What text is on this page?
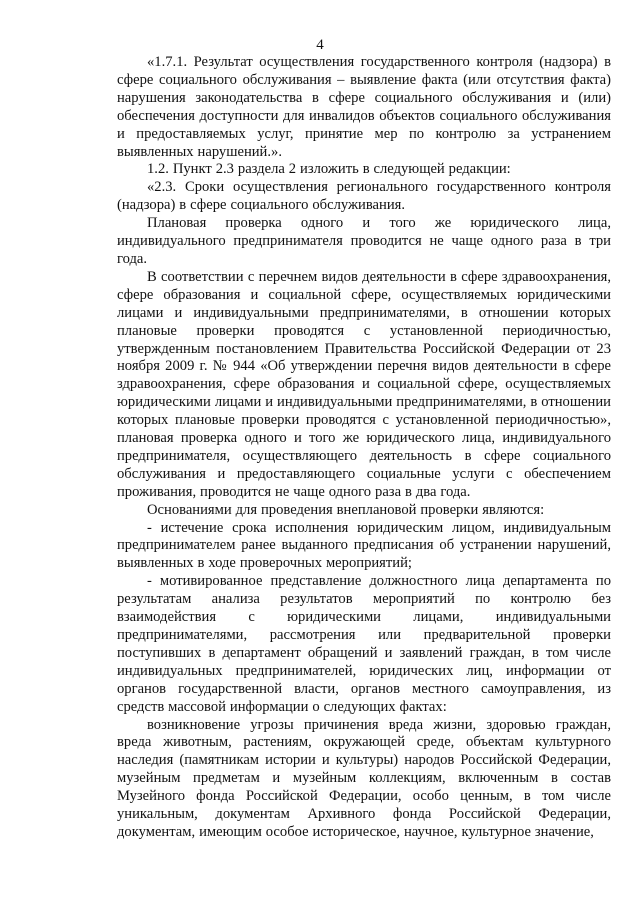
4

«1.7.1. Результат осуществления государственного контроля (надзора) в сфере социального обслуживания – выявление факта (или отсутствия факта) нарушения законодательства в сфере социального обслуживания и (или) обеспечения доступности для инвалидов объектов социального обслуживания и предоставляемых услуг, принятие мер по контролю за устранением выявленных нарушений.».

1.2. Пункт 2.3 раздела 2 изложить в следующей редакции:

«2.3. Сроки осуществления регионального государственного контроля (надзора) в сфере социального обслуживания.

Плановая проверка одного и того же юридического лица, индивидуального предпринимателя проводится не чаще одного раза в три года.

В соответствии с перечнем видов деятельности в сфере здравоохранения, сфере образования и социальной сфере, осуществляемых юридическими лицами и индивидуальными предпринимателями, в отношении которых плановые проверки проводятся с установленной периодичностью, утвержденным постановлением Правительства Российской Федерации от 23 ноября 2009 г. № 944 «Об утверждении перечня видов деятельности в сфере здравоохранения, сфере образования и социальной сфере, осуществляемых юридическими лицами и индивидуальными предпринимателями, в отношении которых плановые проверки проводятся с установленной периодичностью», плановая проверка одного и того же юридического лица, индивидуального предпринимателя, осуществляющего деятельность в сфере социального обслуживания и предоставляющего социальные услуги с обеспечением проживания, проводится не чаще одного раза в два года.

Основаниями для проведения внеплановой проверки являются:

- истечение срока исполнения юридическим лицом, индивидуальным предпринимателем ранее выданного предписания об устранении нарушений, выявленных в ходе проверочных мероприятий;

- мотивированное представление должностного лица департамента по результатам анализа результатов мероприятий по контролю без взаимодействия с юридическими лицами, индивидуальными предпринимателями, рассмотрения или предварительной проверки поступивших в департамент обращений и заявлений граждан, в том числе индивидуальных предпринимателей, юридических лиц, информации от органов государственной власти, органов местного самоуправления, из средств массовой информации о следующих фактах:

возникновение угрозы причинения вреда жизни, здоровью граждан, вреда животным, растениям, окружающей среде, объектам культурного наследия (памятникам истории и культуры) народов Российской Федерации, музейным предметам и музейным коллекциям, включенным в состав Музейного фонда Российской Федерации, особо ценным, в том числе уникальным, документам Архивного фонда Российской Федерации, документам, имеющим особое историческое, научное, культурное значение,
